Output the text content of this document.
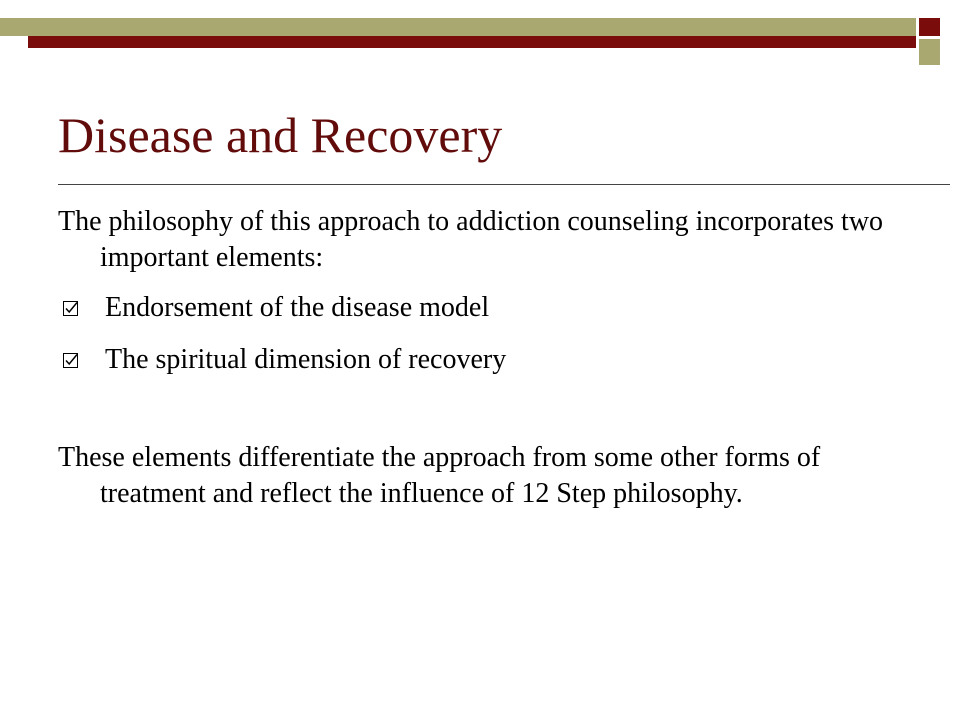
Disease and Recovery

The philosophy of this approach to addiction counseling incorporates two important elements:

Endorsement of the disease model
The spiritual dimension of recovery

These elements differentiate the approach from some other forms of treatment and reflect the influence of 12 Step philosophy.
